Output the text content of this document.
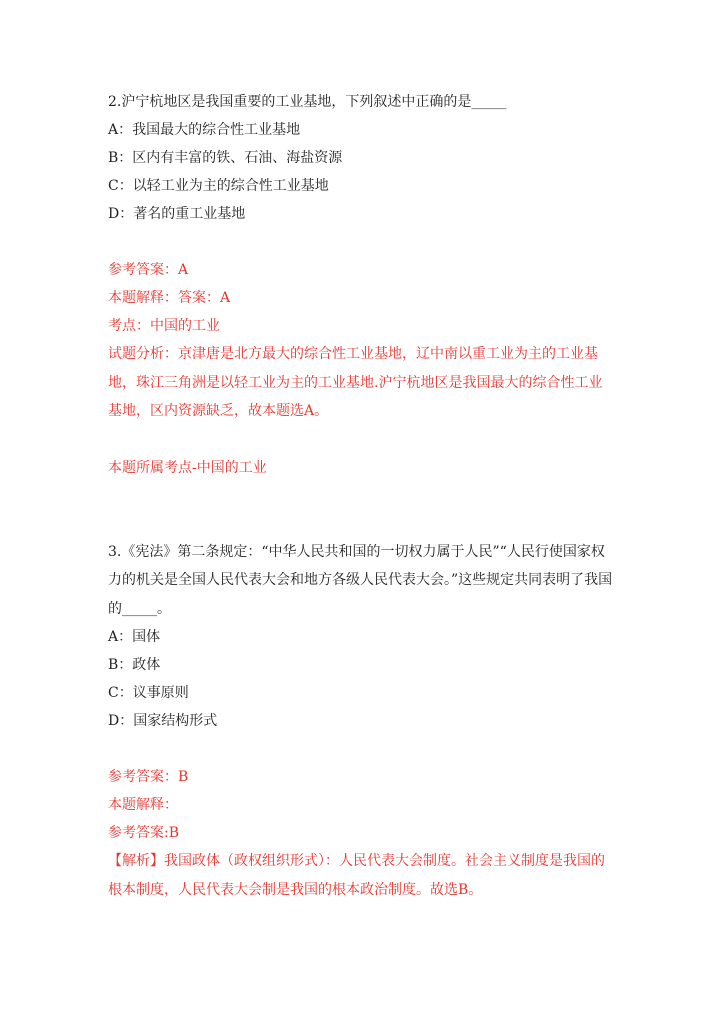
2.沪宁杭地区是我国重要的工业基地，下列叙述中正确的是_____
A：我国最大的综合性工业基地
B：区内有丰富的铁、石油、海盐资源
C：以轻工业为主的综合性工业基地
D：著名的重工业基地
参考答案：A
本题解释：答案：A
考点：中国的工业
试题分析：京津唐是北方最大的综合性工业基地，辽中南以重工业为主的工业基地，珠江三角洲是以轻工业为主的工业基地.沪宁杭地区是我国最大的综合性工业基地，区内资源缺乏，故本题选A。
本题所属考点-中国的工业
3.《宪法》第二条规定：“中华人民共和国的一切权力属于人民”“人民行使国家权力的机关是全国人民代表大会和地方各级人民代表大会。”这些规定共同表明了我国的_____。
A：国体
B：政体
C：议事原则
D：国家结构形式
参考答案：B
本题解释：
参考答案:B
【解析】我国政体（政权组织形式）：人民代表大会制度。社会主义制度是我国的根本制度，人民代表大会制是我国的根本政治制度。故选B。
